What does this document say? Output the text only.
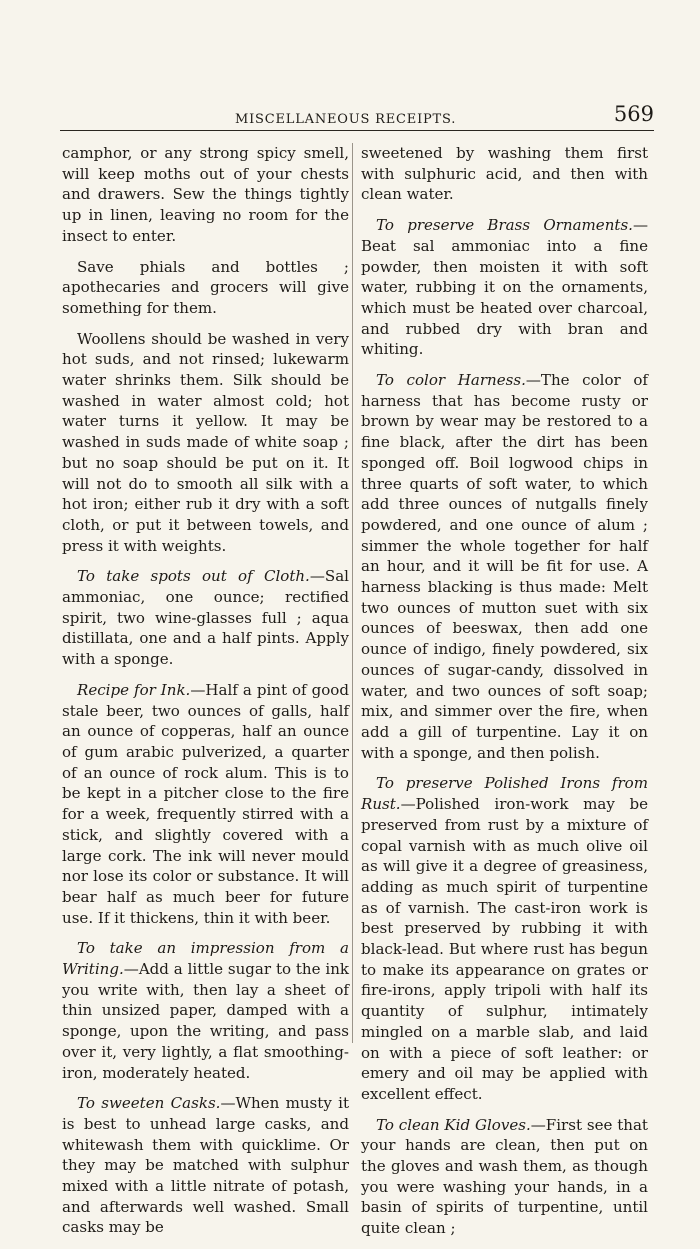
MISCELLANEOUS RECEIPTS.	569

camphor, or any strong spicy smell, will keep moths out of your chests and drawers. Sew the things tightly up in linen, leaving no room for the insect to enter.

Save phials and bottles ; apothecaries and grocers will give something for them.

Woollens should be washed in very hot suds, and not rinsed; lukewarm water shrinks them. Silk should be washed in water almost cold; hot water turns it yellow. It may be washed in suds made of white soap ; but no soap should be put on it. It will not do to smooth all silk with a hot iron; either rub it dry with a soft cloth, or put it between towels, and press it with weights.

To take spots out of Cloth.—Sal ammoniac, one ounce; rectified spirit, two wine-glasses full ; aqua distillata, one and a half pints. Apply with a sponge.

Recipe for Ink.—Half a pint of good stale beer, two ounces of galls, half an ounce of copperas, half an ounce of gum arabic pulverized, a quarter of an ounce of rock alum. This is to be kept in a pitcher close to the fire for a week, frequently stirred with a stick, and slightly covered with a large cork. The ink will never mould nor lose its color or substance. It will bear half as much beer for future use. If it thickens, thin it with beer.

To take an impression from a Writing.—Add a little sugar to the ink you write with, then lay a sheet of thin unsized paper, damped with a sponge, upon the writing, and pass over it, very lightly, a flat smoothing-iron, moderately heated.

To sweeten Casks.—When musty it is best to unhead large casks, and whitewash them with quicklime. Or they may be matched with sulphur mixed with a little nitrate of potash, and afterwards well washed. Small casks may be

sweetened by washing them first with sulphuric acid, and then with clean water.

To preserve Brass Ornaments.—Beat sal ammoniac into a fine powder, then moisten it with soft water, rubbing it on the ornaments, which must be heated over charcoal, and rubbed dry with bran and whiting.

To color Harness.—The color of harness that has become rusty or brown by wear may be restored to a fine black, after the dirt has been sponged off. Boil logwood chips in three quarts of soft water, to which add three ounces of nutgalls finely powdered, and one ounce of alum ; simmer the whole together for half an hour, and it will be fit for use. A harness blacking is thus made: Melt two ounces of mutton suet with six ounces of beeswax, then add one ounce of indigo, finely powdered, six ounces of sugar-candy, dissolved in water, and two ounces of soft soap; mix, and simmer over the fire, when add a gill of turpentine. Lay it on with a sponge, and then polish.

To preserve Polished Irons from Rust.—Polished iron-work may be preserved from rust by a mixture of copal varnish with as much olive oil as will give it a degree of greasiness, adding as much spirit of turpentine as of varnish. The cast-iron work is best preserved by rubbing it with black-lead. But where rust has begun to make its appearance on grates or fire-irons, apply tripoli with half its quantity of sulphur, intimately mingled on a marble slab, and laid on with a piece of soft leather: or emery and oil may be applied with excellent effect.

To clean Kid Gloves.—First see that your hands are clean, then put on the gloves and wash them, as though you were washing your hands, in a basin of spirits of turpentine, until quite clean ;
